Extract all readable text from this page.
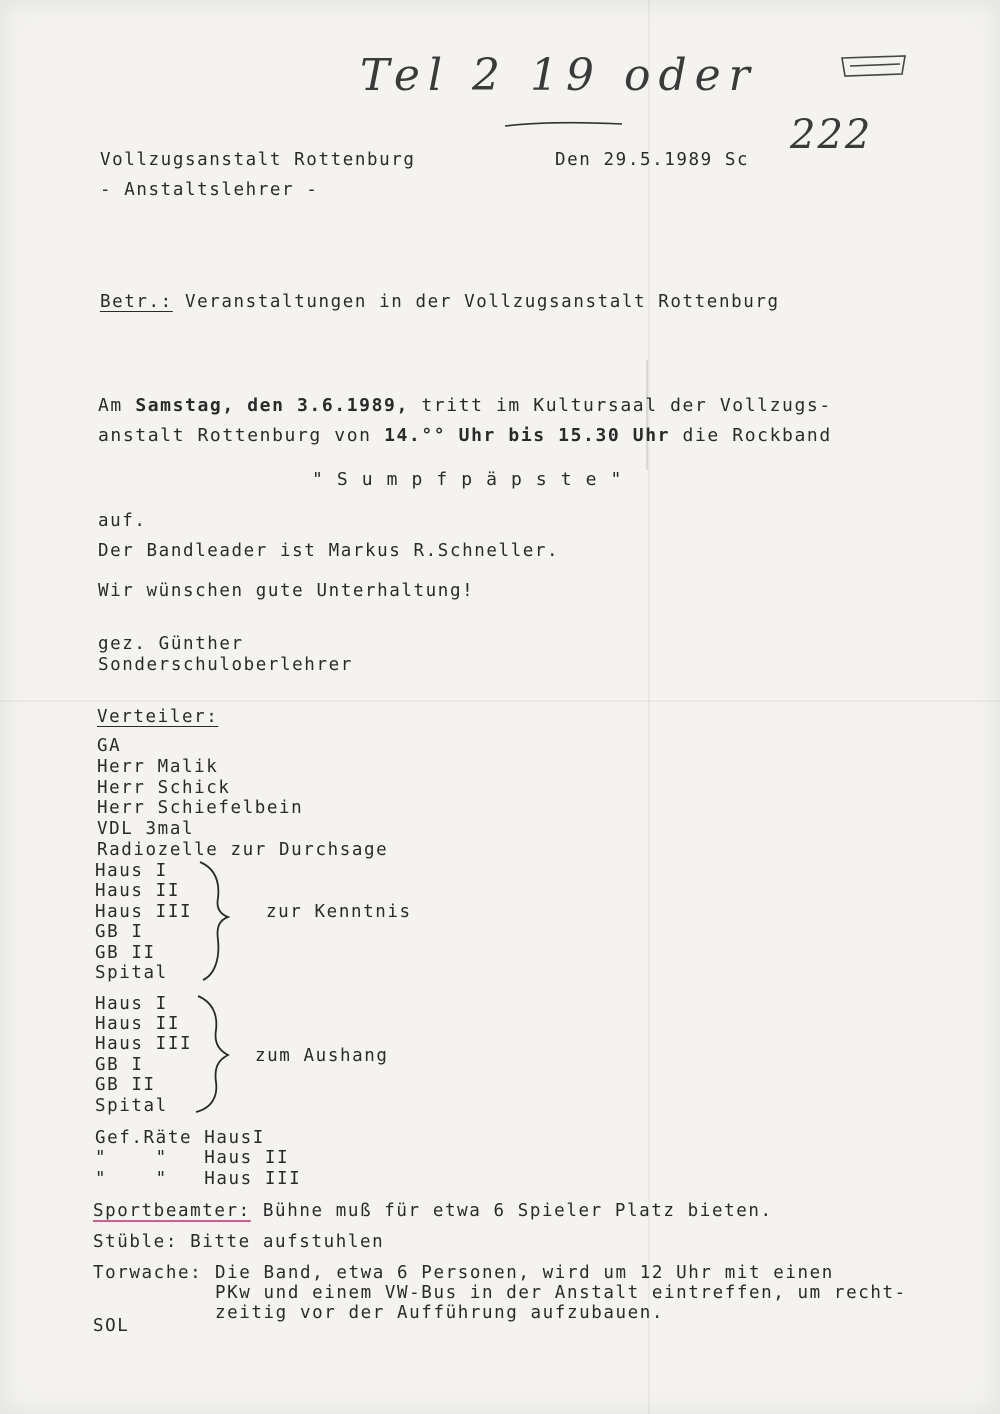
Tel 2 19 oder
222
Vollzugsanstalt Rottenburg
- Anstaltslehrer -
Den 29.5.1989 Sc
Betr.: Veranstaltungen in der Vollzugsanstalt Rottenburg
Am Samstag, den 3.6.1989, tritt im Kultursaal der Vollzugs-
anstalt Rottenburg von 14.°° Uhr bis 15.30 Uhr die Rockband
" S u m p f p ä p s t e "
auf.
Der Bandleader ist Markus R.Schneller.
Wir wünschen gute Unterhaltung!
gez. Günther
Sonderschuloberlehrer
Verteiler:
GA
Herr Malik
Herr Schick
Herr Schiefelbein
VDL 3mal
Radiozelle zur Durchsage
Haus I
Haus II
Haus III
GB I
GB II
Spital
zur Kenntnis
Haus I
Haus II
Haus III
GB I
GB II
Spital
zum Aushang
Gef.Räte HausI
"    "   Haus II
"    "   Haus III
Sportbeamter: Bühne muß für etwa 6 Spieler Platz bieten.
Stüble: Bitte aufstuhlen
Torwache: Die Band, etwa 6 Personen, wird um 12 Uhr mit einen
PKw und einem VW-Bus in der Anstalt eintreffen, um recht-
zeitig vor der Aufführung aufzubauen.
SOL
